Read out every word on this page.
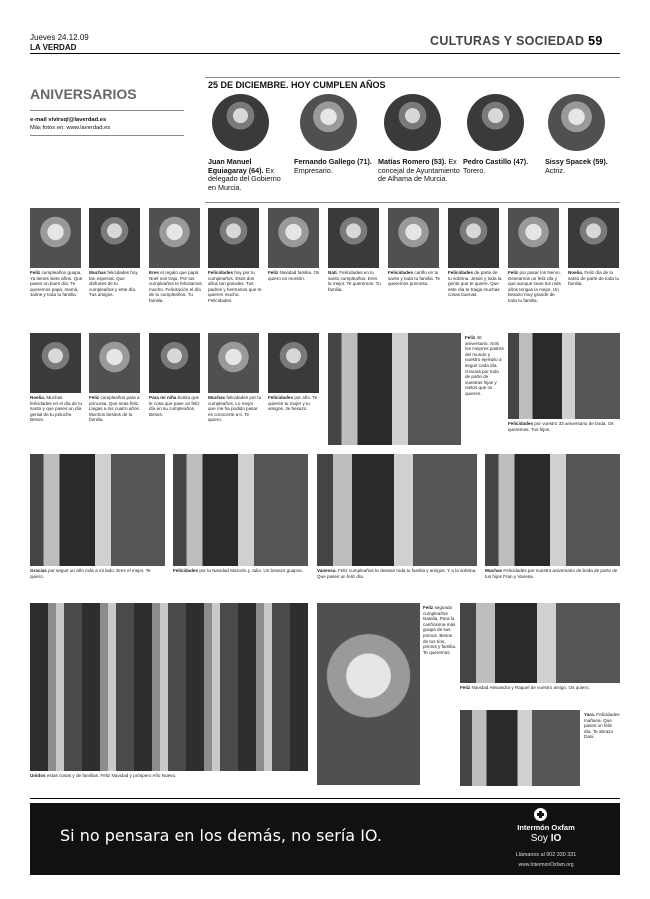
Jueves 24.12.09
LA VERDAD	CULTURAS Y SOCIEDAD 59
ANIVERSARIOS
e-mail vivirsql@laverdad.es
Más fotos en: www.laverdad.es
25 DE DICIEMBRE. HOY CUMPLEN AÑOS
Juan Manuel Eguiagaray (64). Ex delegado del Gobierno en Murcia.
Fernando Gallego (71). Empresario.
Matías Romero (53). Ex concejal de Ayuntamiento de Alhama de Murcia.
Pedro Castillo (47). Torero.
Sissy Spacek (59). Actriz.
Feliz cumpleaños guapa. Ya tienes siete años. Que pases un buen día. Te queremos papá, mamá, Jaime y toda tu familia.
Muchas felicidades hoy tan especial. Que disfrutes de tu cumpleaños y este día. Tus amigos.
Eres el regalo que papá Noel nos trajo. Por tus cumpleaños te felicitamos mucho. Felicitación el día de tu cumpleaños. Tu familia.
Felicidades hoy por tu cumpleaños. Esos dos años tan grandes. Tus padres y hermanos que te quieren mucho. Felicidades.
Feliz Navidad familia. Os quiero un montón.
Nati. Felicidades en tu santo cumpleaños. Eres la mejor. Te queremos. Tu familia.
Felicidades cariño en tu santo y toda tu familia. Te queremos princesa.
Felicidades de parte de tu sobrina. Jesús y toda la gente que te quiere. Que este día te traiga muchas cosas buenas.
Feliz por pasar los Nervo. Deseamos un feliz día y que aunque sean tus más años tengas la mejor. Un besazo muy grande de toda tu familia.
Noelia. Feliz día de tu santo de parte de toda tu familia.
Noelia. Muchas felicidades en el día de tu santo y que pases un día genial de tu peluche. Besos.
Feliz cumpleaños para a princesa. Que seas feliz. Llegas a los cuatro años. Muchos besitos de tu familia.
Para mi niña bonita que le cosa que pase un feliz día en su cumpleaños. Besos.
Muchas felicidades por tu cumpleaños. Lo mejor que me ha podido pasar es conocerte a ti. Te quiero.
Felicidades por año. Te quieren tu mujer y tu amigos. Je besazo.
Feliz 40 aniversario. Sois los mejores padres del mundo y nuestro ejemplo a seguir cada día. Gracias por todo de parte de vuestras hijas y nietos que os quieren.
Felicidades por vuestro 33 aniversario de boda. Os queremos. Tus hijos.
Gracias por seguir un año más a mi lado. Eres el mejor. Te quiero.
Felicidades por la Navidad Marcelo y Julia. Un besazo guapos.	Vanessa. Feliz cumpleaños te desean toda tu familia y amigos. Y a la sobrina. Que pases un feliz día.
Muchas Felicidades por nuestro aniversario de boda de parte de tus hijos Fran y Vanesa.
Unidos estas cosas y de familias. Feliz Navidad y próspero Año Nuevo.
Feliz segundo cumpleaños Natalia. Para la cariñosona más guapa de sus primos. Besos de tus tíos, primos y familia. Te queremos.
Feliz Navidad Alexandra y Raquel de vuestro amigo. Os quiero.
Yara. Felicidades mañana. Que pases un feliz día. Te abrazo Dani.
Si no pensara en los demás, no sería IO.	Intermón Oxfam
Soy IO
Llámanos al 902 330 331
www.IntermonOxfam.org
